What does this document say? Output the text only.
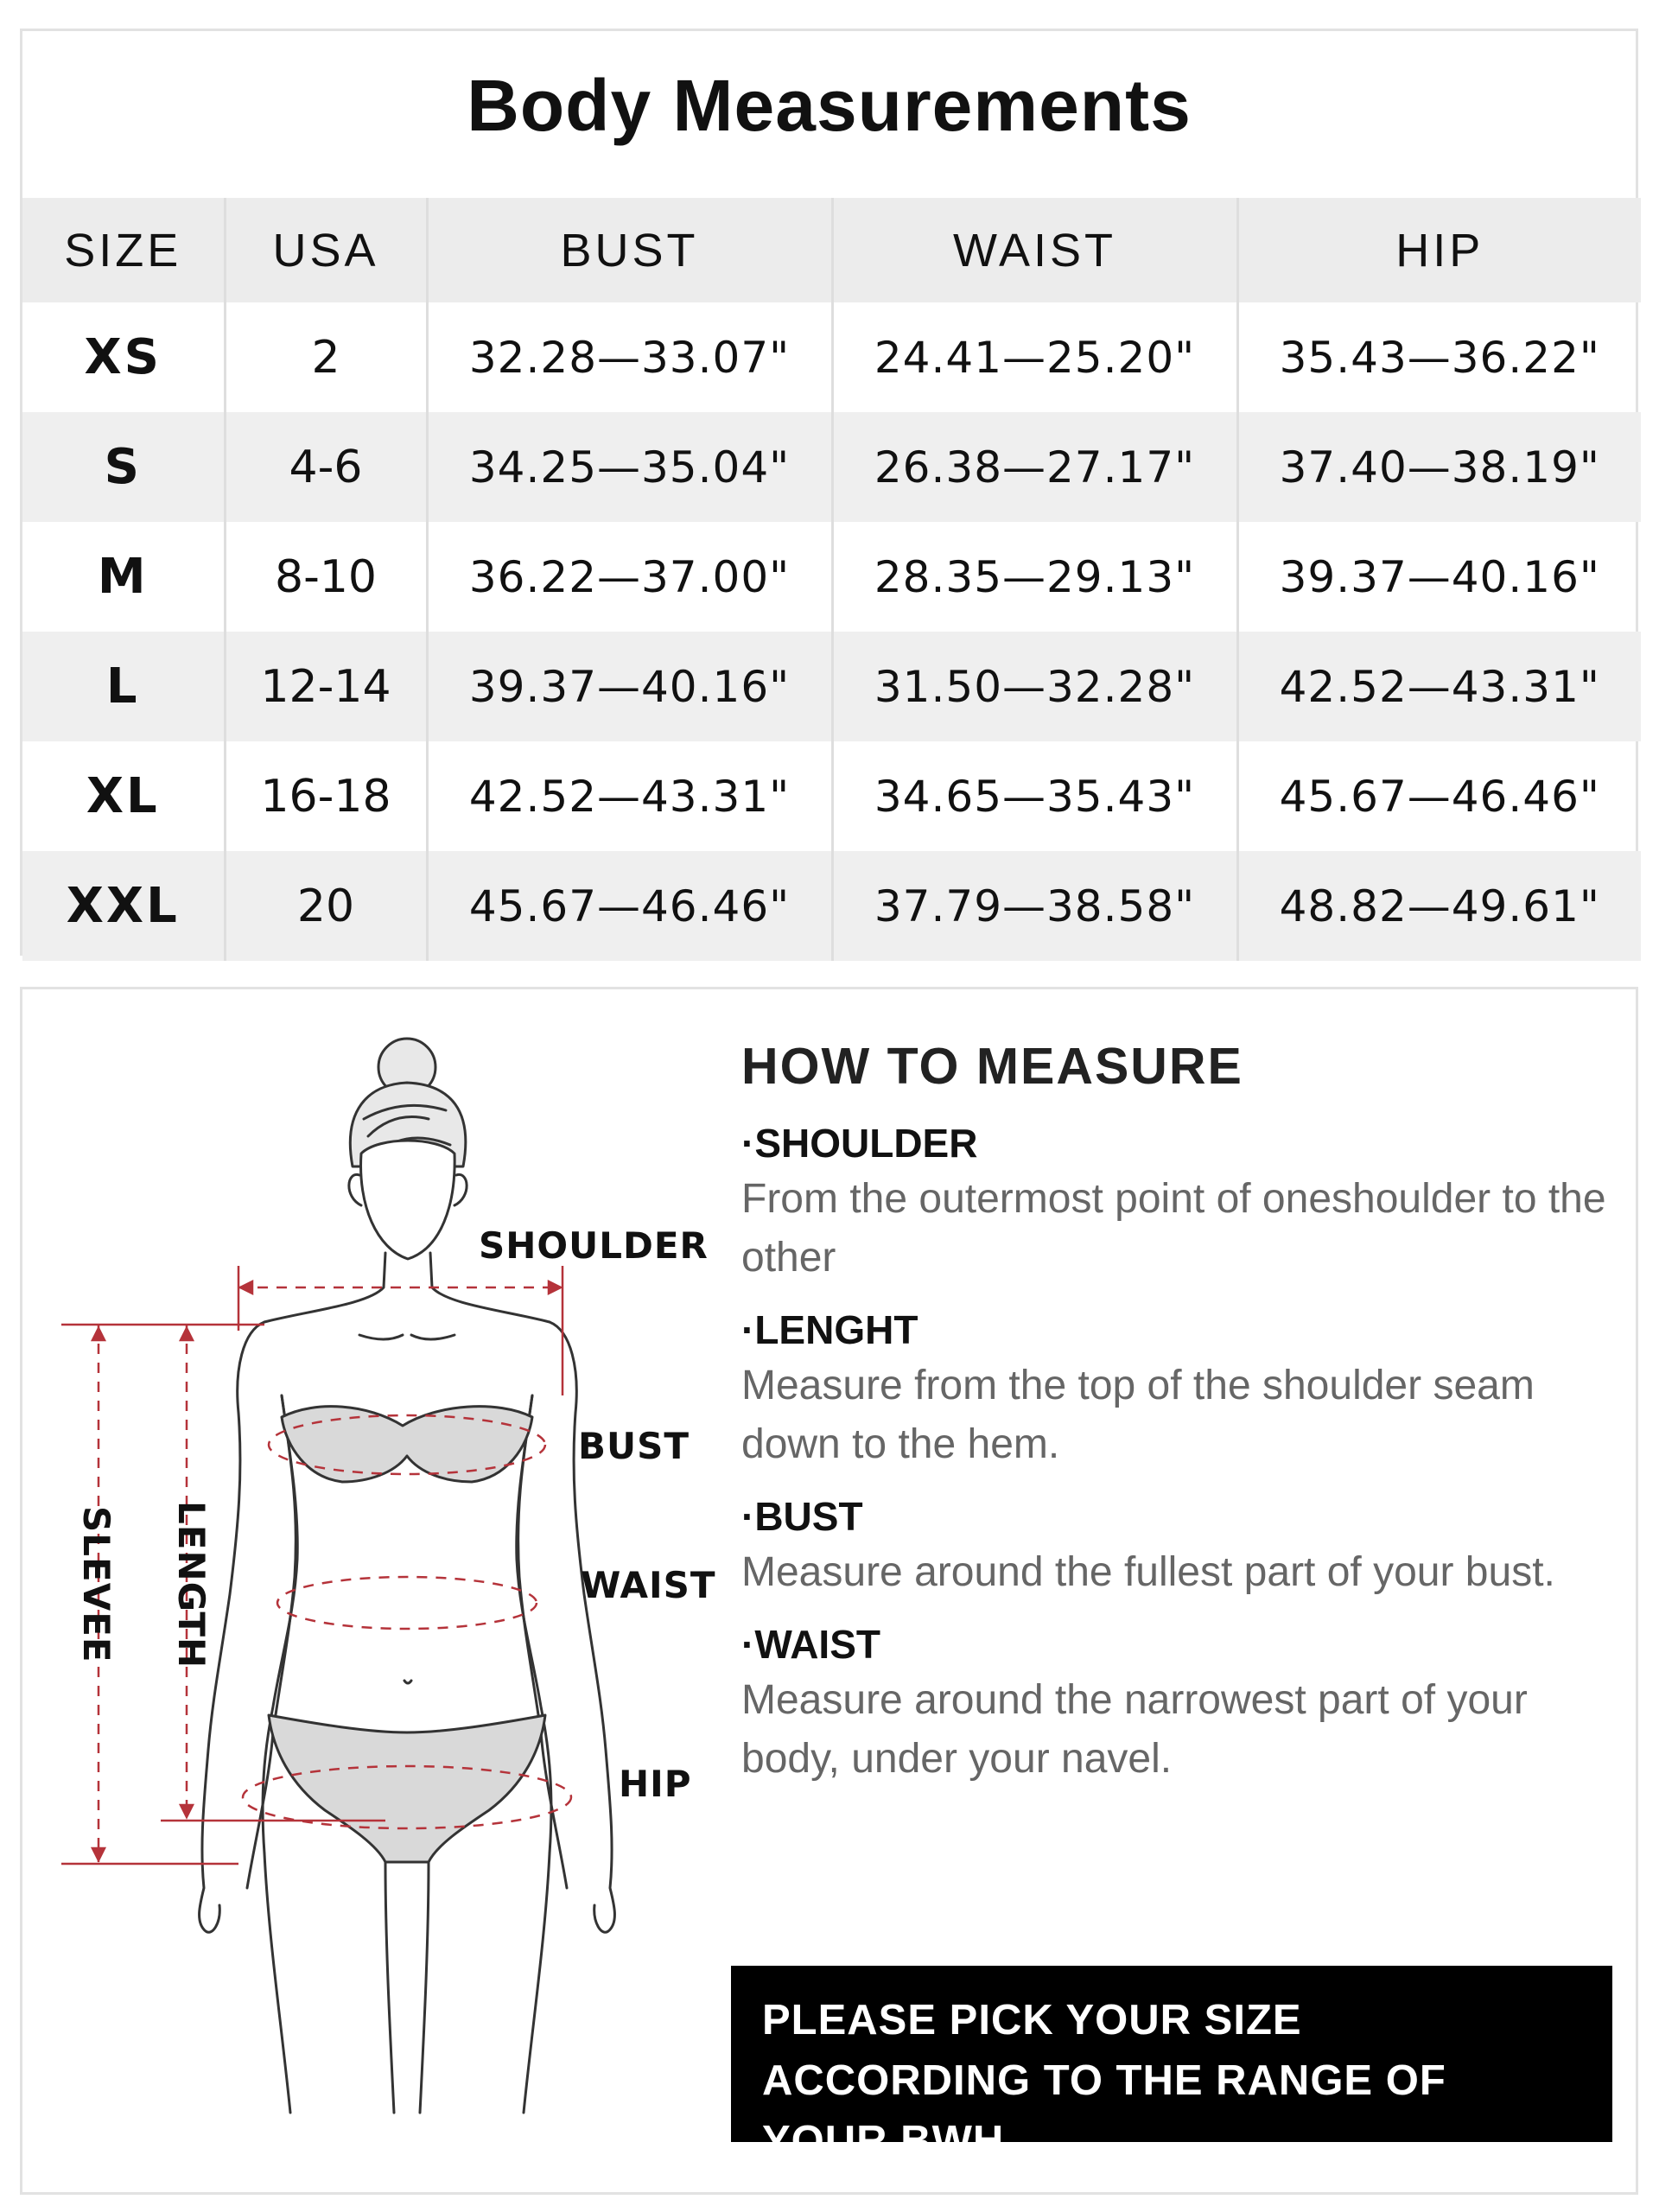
Body Measurements
SIZE	USA	BUST	WAIST	HIP
XS	2	32.28—33.07"	24.41—25.20"	35.43—36.22"
S	4-6	34.25—35.04"	26.38—27.17"	37.40—38.19"
M	8-10	36.22—37.00"	28.35—29.13"	39.37—40.16"
L	12-14	39.37—40.16"	31.50—32.28"	42.52—43.31"
XL	16-18	42.52—43.31"	34.65—35.43"	45.67—46.46"
XXL	20	45.67—46.46"	37.79—38.58"	48.82—49.61"
SHOULDER
BUST
WAIST
HIP
LENGTH
SLEVEE
HOW TO MEASURE

·SHOULDER

From the outermost point of oneshoulder to the other

·LENGHT

Measure from the top of the shoulder seam down to the hem.

·BUST

Measure around the fullest part of your bust.

·WAIST

Measure around the narrowest part of your body, under your navel.

PLEASE PICK YOUR SIZE ACCORDING TO THE RANGE OF YOUR BWH.
